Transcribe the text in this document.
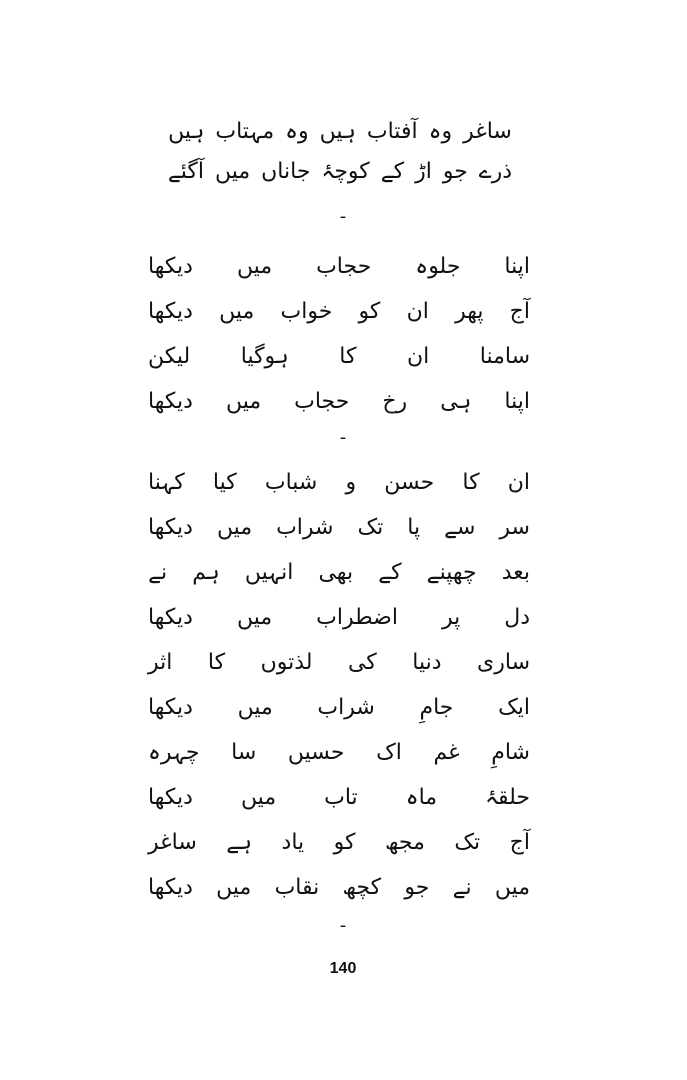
ساغر وہ آفتاب ہیں وہ مہتاب ہیں
ذرے جو اڑ کے کوچۂ جاناں میں آگئے
-
اپنا
جلوہ
حجاب
میں
دیکھا
آج
پھر
ان
کو
خواب
میں
دیکھا
سامنا
ان
کا
ہوگیا
لیکن
اپنا
ہی
رخ
حجاب
میں
دیکھا
-
ان
کا
حسن
و
شباب
کیا
کہنا
سر
سے
پا
تک
شراب
میں
دیکھا
بعد
چھپنے
کے
بھی
انہیں
ہم
نے
دل
پر
اضطراب
میں
دیکھا
ساری
دنیا
کی
لذتوں
کا
اثر
ایک
جامِ
شراب
میں
دیکھا
شامِ
غم
اک
حسیں
سا
چہرہ
حلقۂ
ماہ
تاب
میں
دیکھا
آج
تک
مجھ
کو
یاد
ہے
ساغر
میں
نے
جو
کچھ
نقاب
میں
دیکھا
-
140
